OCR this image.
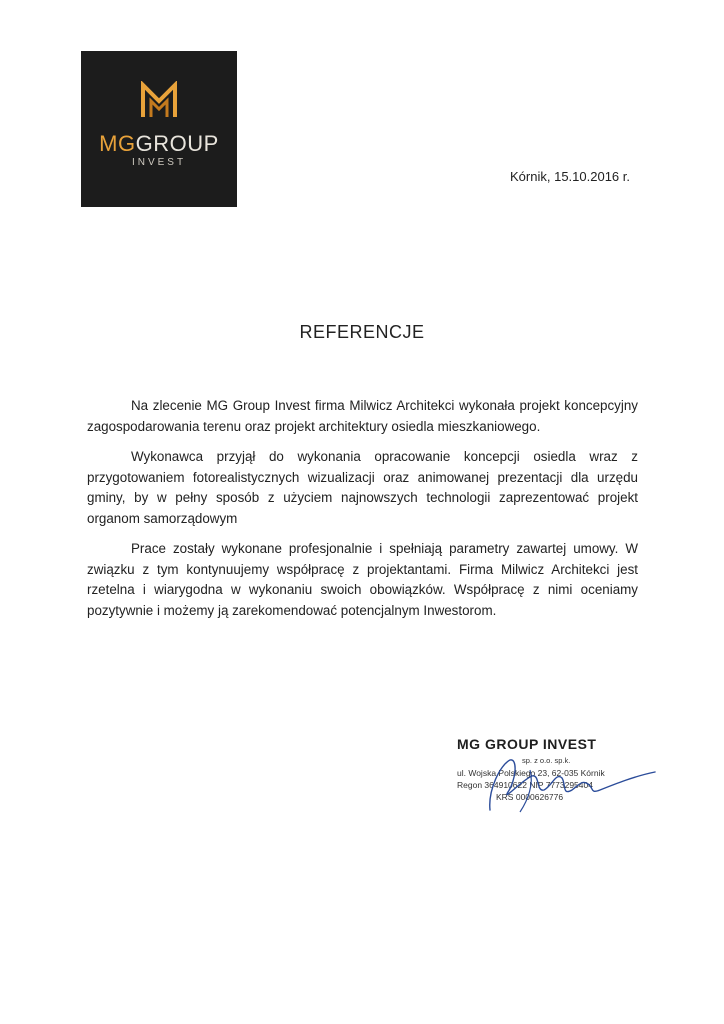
MGGROUP
INVEST
Kórnik, 15.10.2016 r.
REFERENCJE

Na zlecenie MG Group Invest firma Milwicz Architekci wykonała projekt koncepcyjny zagospodarowania terenu oraz projekt architektury osiedla mieszkaniowego.

Wykonawca przyjął do wykonania opracowanie koncepcji osiedla wraz z przygotowaniem fotorealistycznych wizualizacji oraz animowanej prezentacji dla urzędu gminy, by w pełny sposób z użyciem najnowszych technologii zaprezentować projekt organom samorządowym

Prace zostały wykonane profesjonalnie i spełniają parametry zawartej umowy. W związku z tym kontynuujemy współpracę z projektantami. Firma Milwicz Architekci jest rzetelna i wiarygodna w wykonaniu swoich obowiązków. Współpracę z nimi oceniamy pozytywnie i możemy ją zarekomendować potencjalnym Inwestorom.

MG GROUP INVEST
sp. z o.o. sp.k.
ul. Wojska Polskiego 23, 62-035 Kórnik
Regon 364910622 NIP 7773295404
KRS 0000626776
